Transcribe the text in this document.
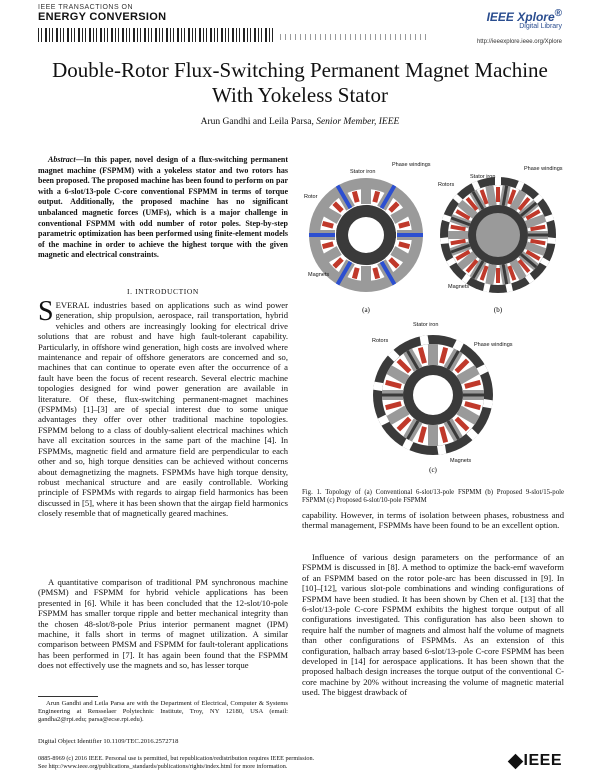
IEEE TRANSACTIONS ON
ENERGY CONVERSION	IEEE Xplore®
Digital Library
http://ieeexplore.ieee.org/Xplore
Double-Rotor Flux-Switching Permanent Magnet Machine With Yokeless Stator
Arun Gandhi and Leila Parsa, Senior Member, IEEE
Abstract—In this paper, novel design of a flux-switching permanent magnet machine (FSPMM) with a yokeless stator and two rotors has been proposed. The proposed machine has been found to perform on par with a 6-slot/13-pole C-core conventional FSPMM in terms of torque output. Additionally, the proposed machine has no significant unbalanced magnetic forces (UMFs), which is a major challenge in conventional FSPMM with odd number of rotor poles. Step-by-step parametric optimization has been performed using finite-element models of the machine in order to achieve the highest torque with the given magnetic and electrical constraints.
I. INTRODUCTION
SEVERAL industries based on applications such as wind power generation, ship propulsion, aerospace, rail transportation, hybrid vehicles and others are increasingly looking for electrical drive solutions that are robust and have high fault-tolerant capability. Particularly, in offshore wind generation, high costs are involved where maintenance and repair of offshore generators are concerned and so, machines that can continue to operate even after the occurrence of a fault have been the focus of recent research. Several electric machine topologies designed for wind power generation are available in literature. Of these, flux-switching permanent-magnet machines (FSPMMs) [1]–[3] are of special interest due to some unique advantages they offer over other traditional machine topologies. FSPMM belong to a class of doubly-salient electrical machines which have all excitation sources in the same part of the machine [4]. In FSPMMs, magnetic field and armature field are perpendicular to each other and so, high torque densities can be achieved without concerns about demagnetizing the magnets. FSPMMs have high torque density, robust mechanical structure and are easily controllable. Working principle of FSPMMs with regards to airgap field harmonics has been discussed in [5], where it has been shown that the airgap field harmonics closely resemble that of magnetically geared machines.
A quantitative comparison of traditional PM synchronous machine (PMSM) and FSPMM for hybrid vehicle applications has been presented in [6]. While it has been concluded that the 12-slot/10-pole FSPMM has smaller torque ripple and better mechanical integrity than the chosen 48-slot/8-pole Prius interior permanent magnet (IPM) machine, it falls short in terms of magnet utilization. A similar comparison between PMSM and FSPMM for fault-tolerant applications has been performed in [7]. It has again been found that the FSPMM does not effectively use the magnets and so, has lesser torque
Arun Gandhi and Leila Parsa are with the Department of Electrical, Computer & Systems Engineering at Rensselaer Polytechnic Institute, Troy, NY 12180, USA (email: gandha2@rpi.edu; parsa@ecse.rpi.edu).
Digital Object Identifier 10.1109/TEC.2016.2572718
0885-8969 (c) 2016 IEEE. Personal use is permitted, but republication/redistribution requires IEEE permission.
See http://www.ieee.org/publications_standards/publications/rights/index.html for more information.	IEEE
Stator iron
Phase windings
Rotor
Magnets
Stator iron
Phase windings
Rotors
Magnets
Stator iron
Phase windings
Rotors
Magnets
(a)	(b)
(c)
Fig. 1. Topology of (a) Conventional 6-slot/13-pole FSPMM (b) Proposed 9-slot/15-pole FSPMM (c) Proposed 6-slot/10-pole FSPMM
capability. However, in terms of isolation between phases, robustness and thermal management, FSPMMs have been found to be an excellent option.
Influence of various design parameters on the performance of an FSPMM is discussed in [8]. A method to optimize the back-emf waveform of an FSPMM based on the rotor pole-arc has been discussed in [9]. In [10]–[12], various slot-pole combinations and winding configurations of FSPMM have been studied. It has been shown by Chen et al. [13] that the 6-slot/13-pole C-core FSPMM exhibits the highest torque output of all configurations investigated. This configuration has also been shown to require half the number of magnets and almost half the volume of magnets than other configurations of FSPMMs. As an extension of this configuration, halbach array based 6-slot/13-pole C-core FSPMM has been developed in [14] for aerospace applications. It has been shown that the proposed halbach design increases the torque output of the conventional C-core machine by 20% without increasing the volume of magnetic material used. The biggest drawback of
